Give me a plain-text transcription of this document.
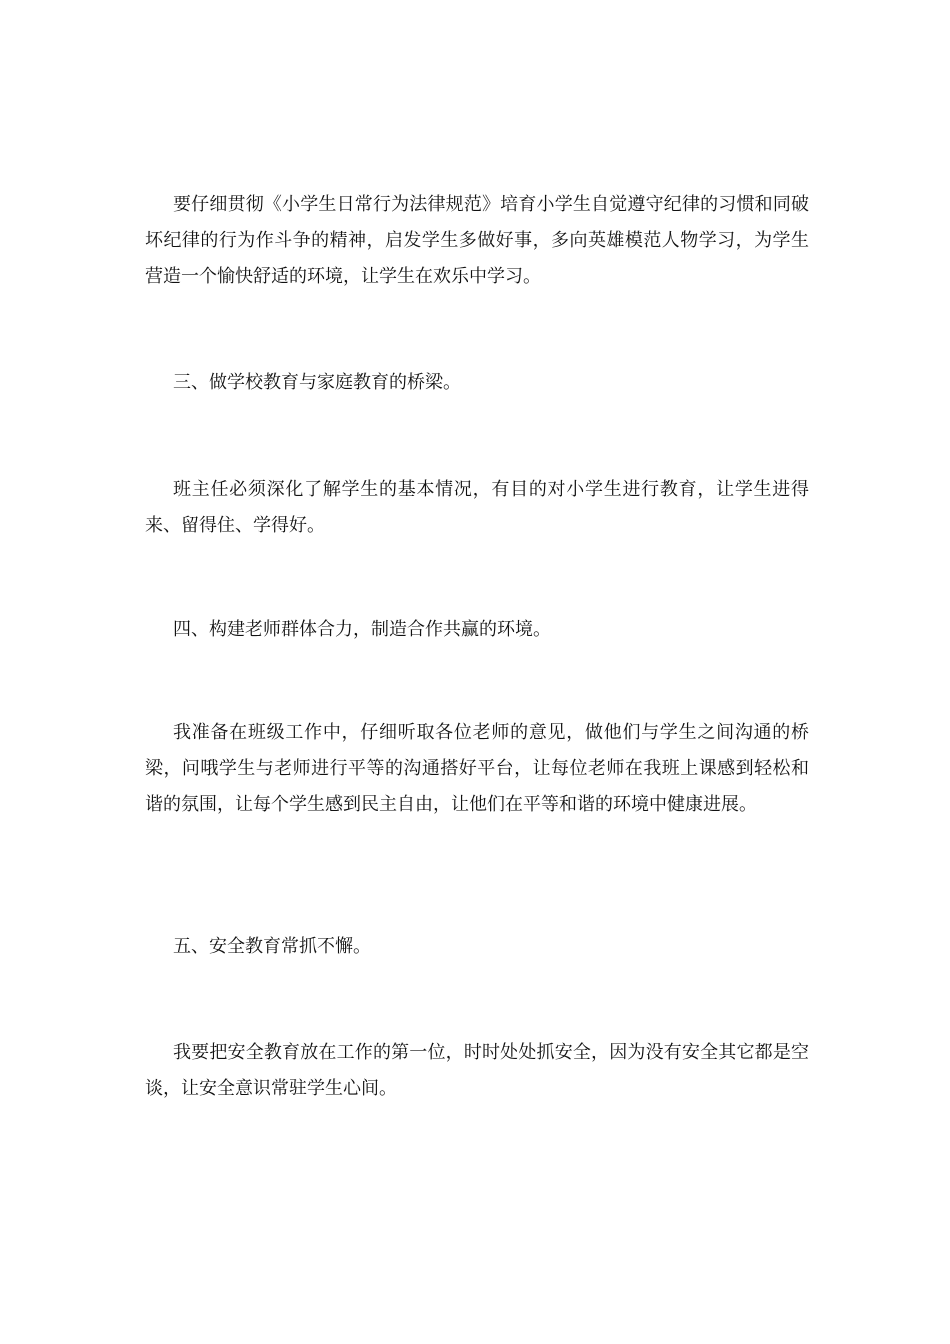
要仔细贯彻《小学生日常行为法律规范》培育小学生自觉遵守纪律的习惯和同破坏纪律的行为作斗争的精神，启发学生多做好事，多向英雄模范人物学习，为学生营造一个愉快舒适的环境，让学生在欢乐中学习。

三、做学校教育与家庭教育的桥梁。

班主任必须深化了解学生的基本情况，有目的对小学生进行教育，让学生进得来、留得住、学得好。

四、构建老师群体合力，制造合作共赢的环境。

我准备在班级工作中，仔细听取各位老师的意见，做他们与学生之间沟通的桥梁，问哦学生与老师进行平等的沟通搭好平台，让每位老师在我班上课感到轻松和谐的氛围，让每个学生感到民主自由，让他们在平等和谐的环境中健康进展。

五、安全教育常抓不懈。

我要把安全教育放在工作的第一位，时时处处抓安全，因为没有安全其它都是空谈，让安全意识常驻学生心间。
